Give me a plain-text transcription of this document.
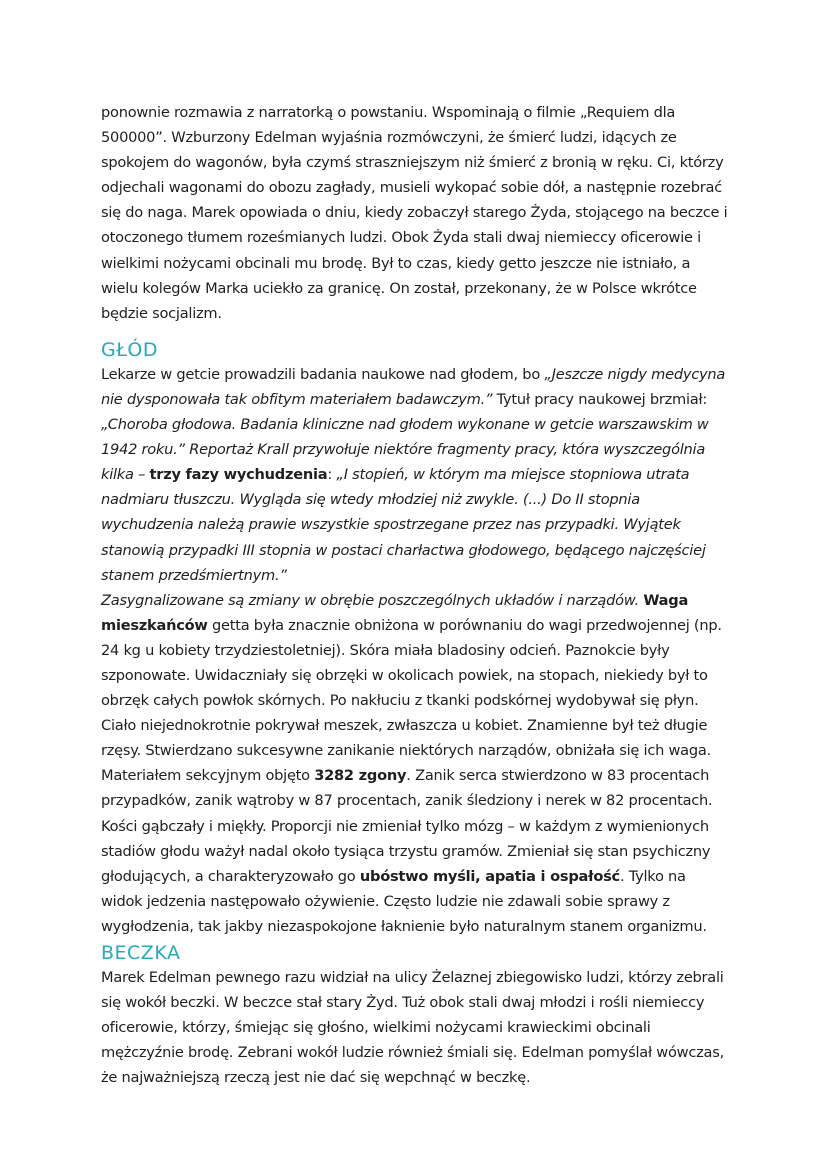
ponownie rozmawia z narratorką o powstaniu. Wspominają o filmie „Requiem dla 500000”. Wzburzony Edelman wyjaśnia rozmówczyni, że śmierć ludzi, idących ze spokojem do wagonów, była czymś straszniejszym niż śmierć z bronią w ręku. Ci, którzy odjechali wagonami do obozu zagłady, musieli wykopać sobie dół, a następnie rozebrać się do naga. Marek opowiada o dniu, kiedy zobaczył starego Żyda, stojącego na beczce i otoczonego tłumem roześmianych ludzi. Obok Żyda stali dwaj niemieccy oficerowie i wielkimi nożycami obcinali mu brodę. Był to czas, kiedy getto jeszcze nie istniało, a wielu kolegów Marka uciekło za granicę. On został, przekonany, że w Polsce wkrótce będzie socjalizm.

GŁÓD

Lekarze w getcie prowadzili badania naukowe nad głodem, bo „Jeszcze nigdy medycyna nie dysponowała tak obfitym materiałem badawczym.” Tytuł pracy naukowej brzmiał: „Choroba głodowa. Badania kliniczne nad głodem wykonane w getcie warszawskim w 1942 roku.” Reportaż Krall przywołuje niektóre fragmenty pracy, która wyszczególnia kilka – trzy fazy wychudzenia: „I stopień, w którym ma miejsce stopniowa utrata nadmiaru tłuszczu. Wygląda się wtedy młodziej niż zwykle. (...) Do II stopnia wychudzenia należą prawie wszystkie spostrzegane przez nas przypadki. Wyjątek stanowią przypadki III stopnia w postaci charłactwa głodowego, będącego najczęściej stanem przedśmiertnym.”
Zasygnalizowane są zmiany w obrębie poszczególnych układów i narządów. Waga mieszkańców getta była znacznie obniżona w porównaniu do wagi przedwojennej (np. 24 kg u kobiety trzydziestoletniej). Skóra miała bladosiny odcień. Paznokcie były szponowate. Uwidaczniały się obrzęki w okolicach powiek, na stopach, niekiedy był to obrzęk całych powłok skórnych. Po nakłuciu z tkanki podskórnej wydobywał się płyn. Ciało niejednokrotnie pokrywał meszek, zwłaszcza u kobiet. Znamienne był też długie rzęsy. Stwierdzano sukcesywne zanikanie niektórych narządów, obniżała się ich waga. Materiałem sekcyjnym objęto 3282 zgony. Zanik serca stwierdzono w 83 procentach przypadków, zanik wątroby w 87 procentach, zanik śledziony i nerek w 82 procentach. Kości gąbczały i miękły. Proporcji nie zmieniał tylko mózg – w każdym z wymienionych stadiów głodu ważył nadal około tysiąca trzystu gramów. Zmieniał się stan psychiczny głodujących, a charakteryzowało go ubóstwo myśli, apatia i ospałość. Tylko na widok jedzenia następowało ożywienie. Często ludzie nie zdawali sobie sprawy z wygłodzenia, tak jakby niezaspokojone łaknienie było naturalnym stanem organizmu.

BECZKA

Marek Edelman pewnego razu widział na ulicy Żelaznej zbiegowisko ludzi, którzy zebrali się wokół beczki. W beczce stał stary Żyd. Tuż obok stali dwaj młodzi i rośli niemieccy oficerowie, którzy, śmiejąc się głośno, wielkimi nożycami krawieckimi obcinali mężczyźnie brodę. Zebrani wokół ludzie również śmiali się. Edelman pomyślał wówczas, że najważniejszą rzeczą jest nie dać się wepchnąć w beczkę.
